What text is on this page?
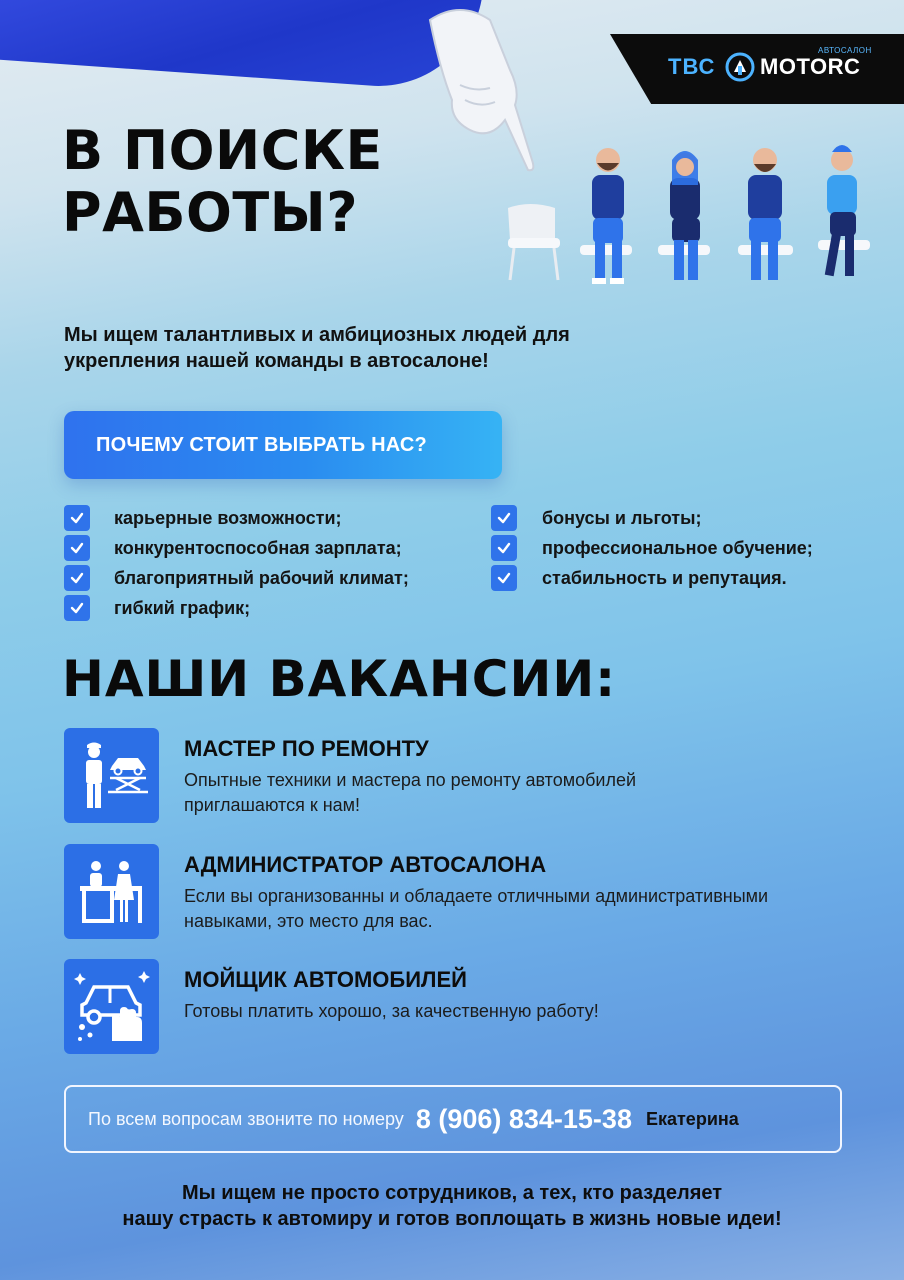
АВТОСАЛОН
ТВС MOTORC
В ПОИСКЕ
РАБОТЫ?
Мы ищем талантливых и амбициозных людей для
укрепления нашей команды в автосалоне!
ПОЧЕМУ СТОИТ ВЫБРАТЬ НАС?
карьерные возможности;
конкурентоспособная зарплата;
благоприятный рабочий климат;
гибкий график;
бонусы и льготы;
профессиональное обучение;
стабильность и репутация.
НАШИ ВАКАНСИИ:
МАСТЕР ПО РЕМОНТУ
Опытные техники и мастера по ремонту автомобилей
приглашаются к нам!
АДМИНИСТРАТОР АВТОСАЛОНА
Если вы организованны и обладаете отличными административными
навыками, это место для вас.
МОЙЩИК АВТОМОБИЛЕЙ
Готовы платить хорошо, за качественную работу!
По всем вопросам звоните по номеру 8 (906) 834-15-38 Екатерина
Мы ищем не просто сотрудников, а тех, кто разделяет
нашу страсть к автомиру и готов воплощать в жизнь новые идеи!
